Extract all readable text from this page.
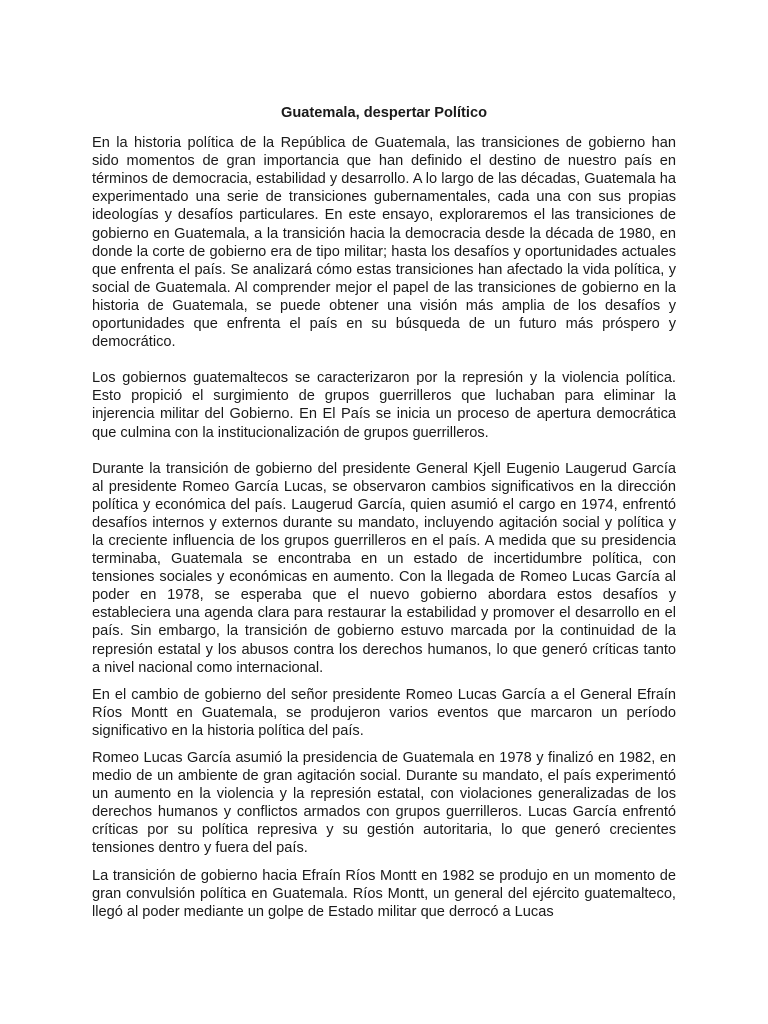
Guatemala, despertar Político

En la historia política de la República de Guatemala, las transiciones de gobierno han sido momentos de gran importancia que han definido el destino de nuestro país en términos de democracia, estabilidad y desarrollo. A lo largo de las décadas, Guatemala ha experimentado una serie de transiciones gubernamentales, cada una con sus propias ideologías y desafíos particulares. En este ensayo, exploraremos el las transiciones de gobierno en Guatemala, a la transición hacia la democracia desde la década de 1980, en donde la corte de gobierno era de tipo militar; hasta los desafíos y oportunidades actuales que enfrenta el país. Se analizará cómo estas transiciones han afectado la vida política, y social de Guatemala. Al comprender mejor el papel de las transiciones de gobierno en la historia de Guatemala, se puede obtener una visión más amplia de los desafíos y oportunidades que enfrenta el país en su búsqueda de un futuro más próspero y democrático.

Los gobiernos guatemaltecos se caracterizaron por la represión y la violencia política. Esto propició el surgimiento de grupos guerrilleros que luchaban para eliminar la injerencia militar del Gobierno. En El País se inicia un proceso de apertura democrática que culmina con la institucionalización de grupos guerrilleros.

Durante la transición de gobierno del presidente General Kjell Eugenio Laugerud García al presidente Romeo García Lucas, se observaron cambios significativos en la dirección política y económica del país. Laugerud García, quien asumió el cargo en 1974, enfrentó desafíos internos y externos durante su mandato, incluyendo agitación social y política y la creciente influencia de los grupos guerrilleros en el país. A medida que su presidencia terminaba, Guatemala se encontraba en un estado de incertidumbre política, con tensiones sociales y económicas en aumento. Con la llegada de Romeo Lucas García al poder en 1978, se esperaba que el nuevo gobierno abordara estos desafíos y estableciera una agenda clara para restaurar la estabilidad y promover el desarrollo en el país. Sin embargo, la transición de gobierno estuvo marcada por la continuidad de la represión estatal y los abusos contra los derechos humanos, lo que generó críticas tanto a nivel nacional como internacional.

En el cambio de gobierno del señor presidente Romeo Lucas García a el General Efraín Ríos Montt en Guatemala, se produjeron varios eventos que marcaron un período significativo en la historia política del país.

Romeo Lucas García asumió la presidencia de Guatemala en 1978 y finalizó en 1982, en medio de un ambiente de gran agitación social. Durante su mandato, el país experimentó un aumento en la violencia y la represión estatal, con violaciones generalizadas de los derechos humanos y conflictos armados con grupos guerrilleros. Lucas García enfrentó críticas por su política represiva y su gestión autoritaria, lo que generó crecientes tensiones dentro y fuera del país.

La transición de gobierno hacia Efraín Ríos Montt en 1982 se produjo en un momento de gran convulsión política en Guatemala. Ríos Montt, un general del ejército guatemalteco, llegó al poder mediante un golpe de Estado militar que derrocó a Lucas
